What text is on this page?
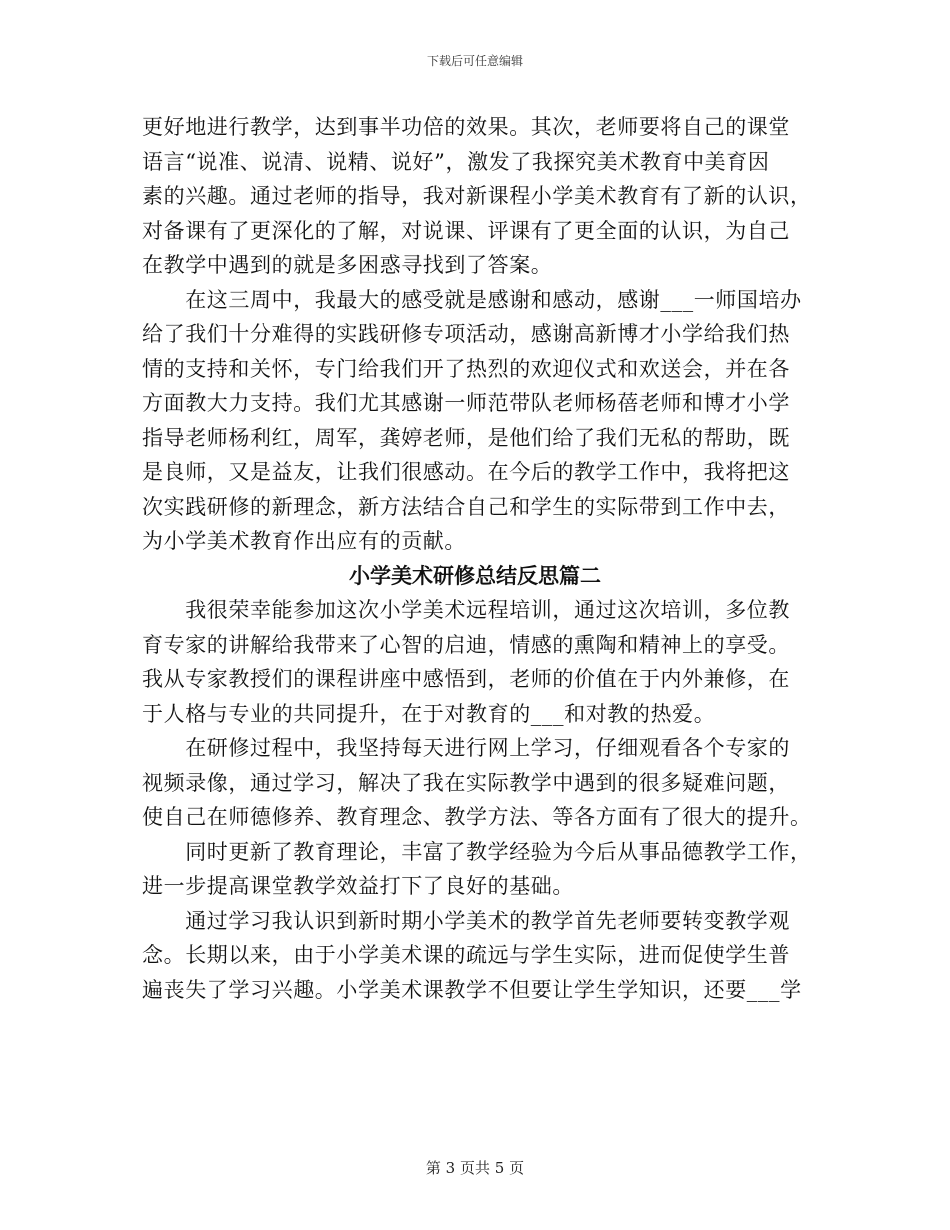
下载后可任意编辑
更好地进行教学，达到事半功倍的效果。其次，老师要将自己的课堂
语言“说准、说清、说精、说好”，激发了我探究美术教育中美育因
素的兴趣。通过老师的指导，我对新课程小学美术教育有了新的认识，
对备课有了更深化的了解，对说课、评课有了更全面的认识，为自己
在教学中遇到的就是多困惑寻找到了答案。
　　在这三周中，我最大的感受就是感谢和感动，感谢___一师国培办
给了我们十分难得的实践研修专项活动，感谢高新博才小学给我们热
情的支持和关怀，专门给我们开了热烈的欢迎仪式和欢送会，并在各
方面教大力支持。我们尤其感谢一师范带队老师杨蓓老师和博才小学
指导老师杨利红，周军，龚婷老师，是他们给了我们无私的帮助，既
是良师，又是益友，让我们很感动。在今后的教学工作中，我将把这
次实践研修的新理念，新方法结合自己和学生的实际带到工作中去，
为小学美术教育作出应有的贡献。
小学美术研修总结反思篇二
　　我很荣幸能参加这次小学美术远程培训，通过这次培训，多位教
育专家的讲解给我带来了心智的启迪，情感的熏陶和精神上的享受。
我从专家教授们的课程讲座中感悟到，老师的价值在于内外兼修，在
于人格与专业的共同提升，在于对教育的___和对教的热爱。
　　在研修过程中，我坚持每天进行网上学习，仔细观看各个专家的
视频录像，通过学习，解决了我在实际教学中遇到的很多疑难问题，
使自己在师德修养、教育理念、教学方法、等各方面有了很大的提升。
　　同时更新了教育理论，丰富了教学经验为今后从事品德教学工作，
进一步提高课堂教学效益打下了良好的基础。
　　通过学习我认识到新时期小学美术的教学首先老师要转变教学观
念。长期以来，由于小学美术课的疏远与学生实际，进而促使学生普
遍丧失了学习兴趣。小学美术课教学不但要让学生学知识，还要___学
第 3 页共 5 页
